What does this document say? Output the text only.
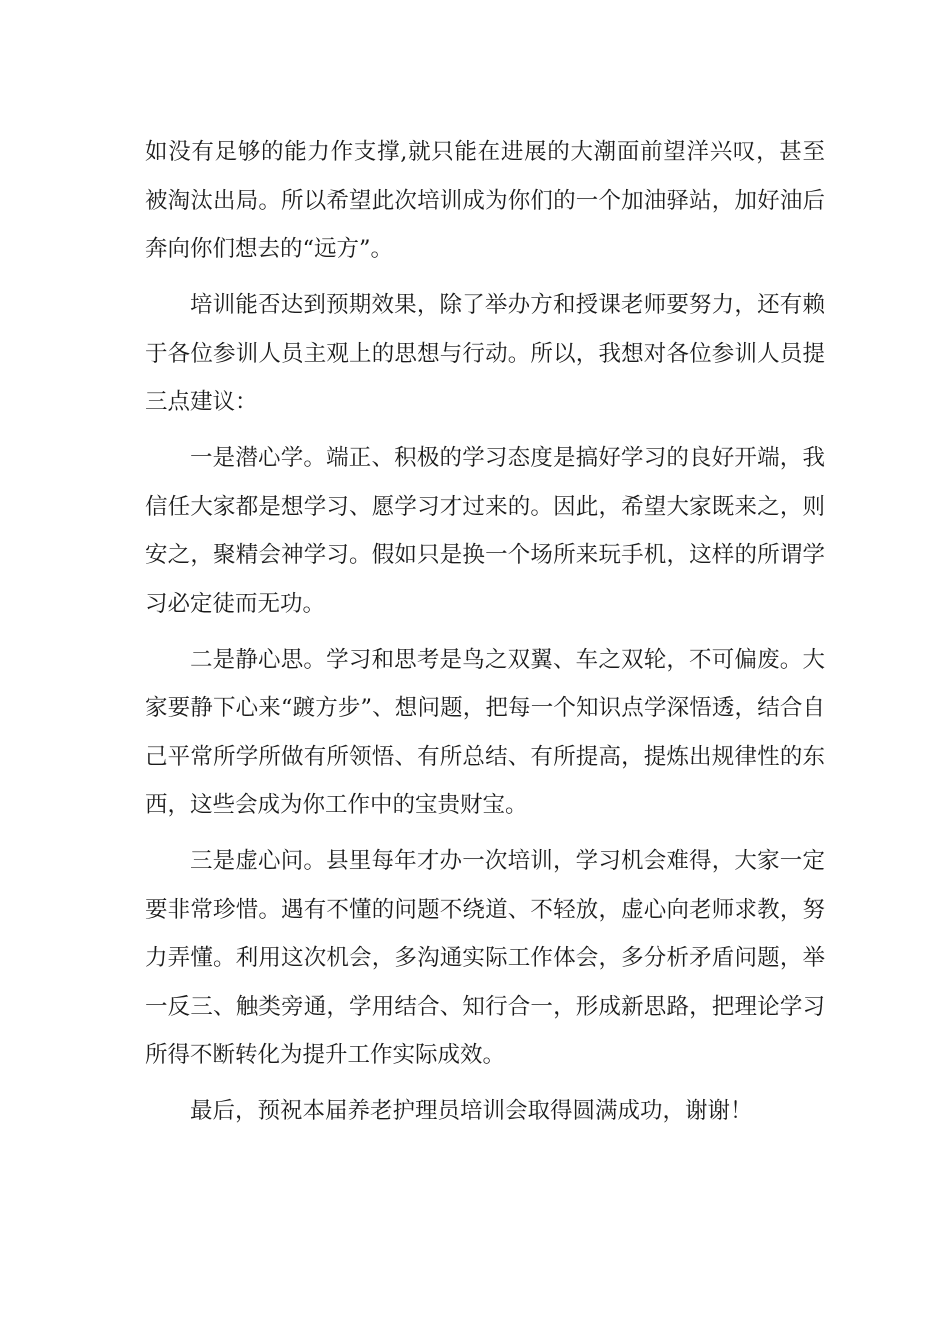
如没有足够的能力作支撑,就只能在进展的大潮面前望洋兴叹，甚至被淘汰出局。所以希望此次培训成为你们的一个加油驿站，加好油后奔向你们想去的“远方”。

培训能否达到预期效果，除了举办方和授课老师要努力，还有赖于各位参训人员主观上的思想与行动。所以，我想对各位参训人员提三点建议：

一是潜心学。端正、积极的学习态度是搞好学习的良好开端，我信任大家都是想学习、愿学习才过来的。因此，希望大家既来之，则安之，聚精会神学习。假如只是换一个场所来玩手机，这样的所谓学习必定徒而无功。

二是静心思。学习和思考是鸟之双翼、车之双轮，不可偏废。大家要静下心来“踱方步”、想问题，把每一个知识点学深悟透，结合自己平常所学所做有所领悟、有所总结、有所提高，提炼出规律性的东西，这些会成为你工作中的宝贵财宝。

三是虚心问。县里每年才办一次培训，学习机会难得，大家一定要非常珍惜。遇有不懂的问题不绕道、不轻放，虚心向老师求教，努力弄懂。利用这次机会，多沟通实际工作体会，多分析矛盾问题，举一反三、触类旁通，学用结合、知行合一，形成新思路，把理论学习所得不断转化为提升工作实际成效。

最后，预祝本届养老护理员培训会取得圆满成功，谢谢！
